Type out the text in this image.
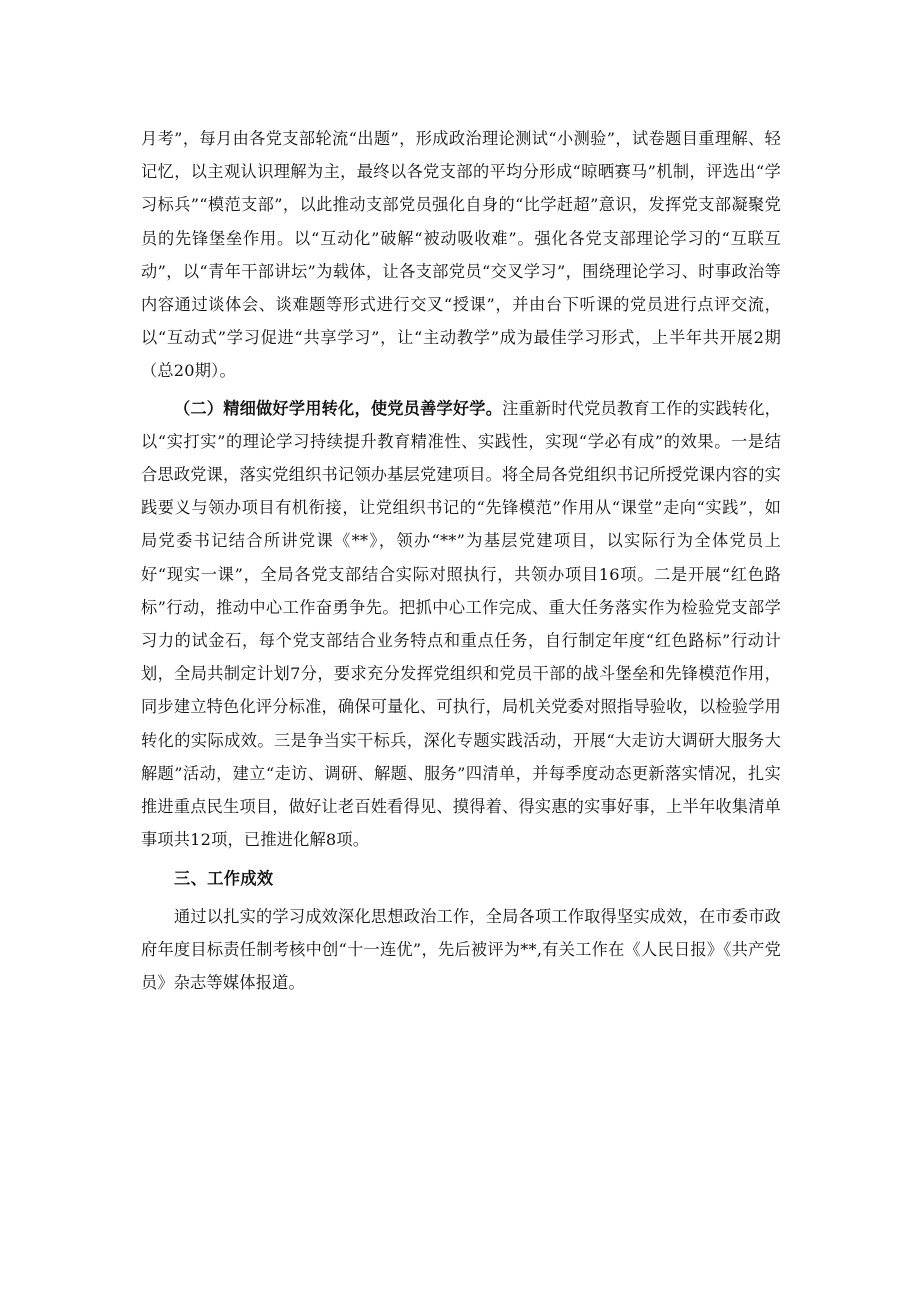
月考”，每月由各党支部轮流“出题”，形成政治理论测试“小测验”，试卷题目重理解、轻记忆，以主观认识理解为主，最终以各党支部的平均分形成“晾晒赛马”机制，评选出“学习标兵”“模范支部”，以此推动支部党员强化自身的“比学赶超”意识，发挥党支部凝聚党员的先锋堡垒作用。以“互动化”破解“被动吸收难”。强化各党支部理论学习的“互联互动”，以“青年干部讲坛”为载体，让各支部党员“交叉学习”，围绕理论学习、时事政治等内容通过谈体会、谈难题等形式进行交叉“授课”，并由台下听课的党员进行点评交流，以“互动式”学习促进“共享学习”，让“主动教学”成为最佳学习形式，上半年共开展2期（总20期）。

（二）精细做好学用转化，使党员善学好学。注重新时代党员教育工作的实践转化，以“实打实”的理论学习持续提升教育精准性、实践性，实现“学必有成”的效果。一是结合思政党课，落实党组织书记领办基层党建项目。将全局各党组织书记所授党课内容的实践要义与领办项目有机衔接，让党组织书记的“先锋模范”作用从“课堂”走向“实践”，如局党委书记结合所讲党课《**》，领办“**”为基层党建项目，以实际行为全体党员上好“现实一课”，全局各党支部结合实际对照执行，共领办项目16项。二是开展“红色路标”行动，推动中心工作奋勇争先。把抓中心工作完成、重大任务落实作为检验党支部学习力的试金石，每个党支部结合业务特点和重点任务，自行制定年度“红色路标”行动计划，全局共制定计划7分，要求充分发挥党组织和党员干部的战斗堡垒和先锋模范作用，同步建立特色化评分标准，确保可量化、可执行，局机关党委对照指导验收，以检验学用转化的实际成效。三是争当实干标兵，深化专题实践活动，开展“大走访大调研大服务大解题”活动，建立“走访、调研、解题、服务”四清单，并每季度动态更新落实情况，扎实推进重点民生项目，做好让老百姓看得见、摸得着、得实惠的实事好事，上半年收集清单事项共12项，已推进化解8项。

三、工作成效

通过以扎实的学习成效深化思想政治工作，全局各项工作取得坚实成效，在市委市政府年度目标责任制考核中创“十一连优”，先后被评为**,有关工作在《人民日报》《共产党员》杂志等媒体报道。
